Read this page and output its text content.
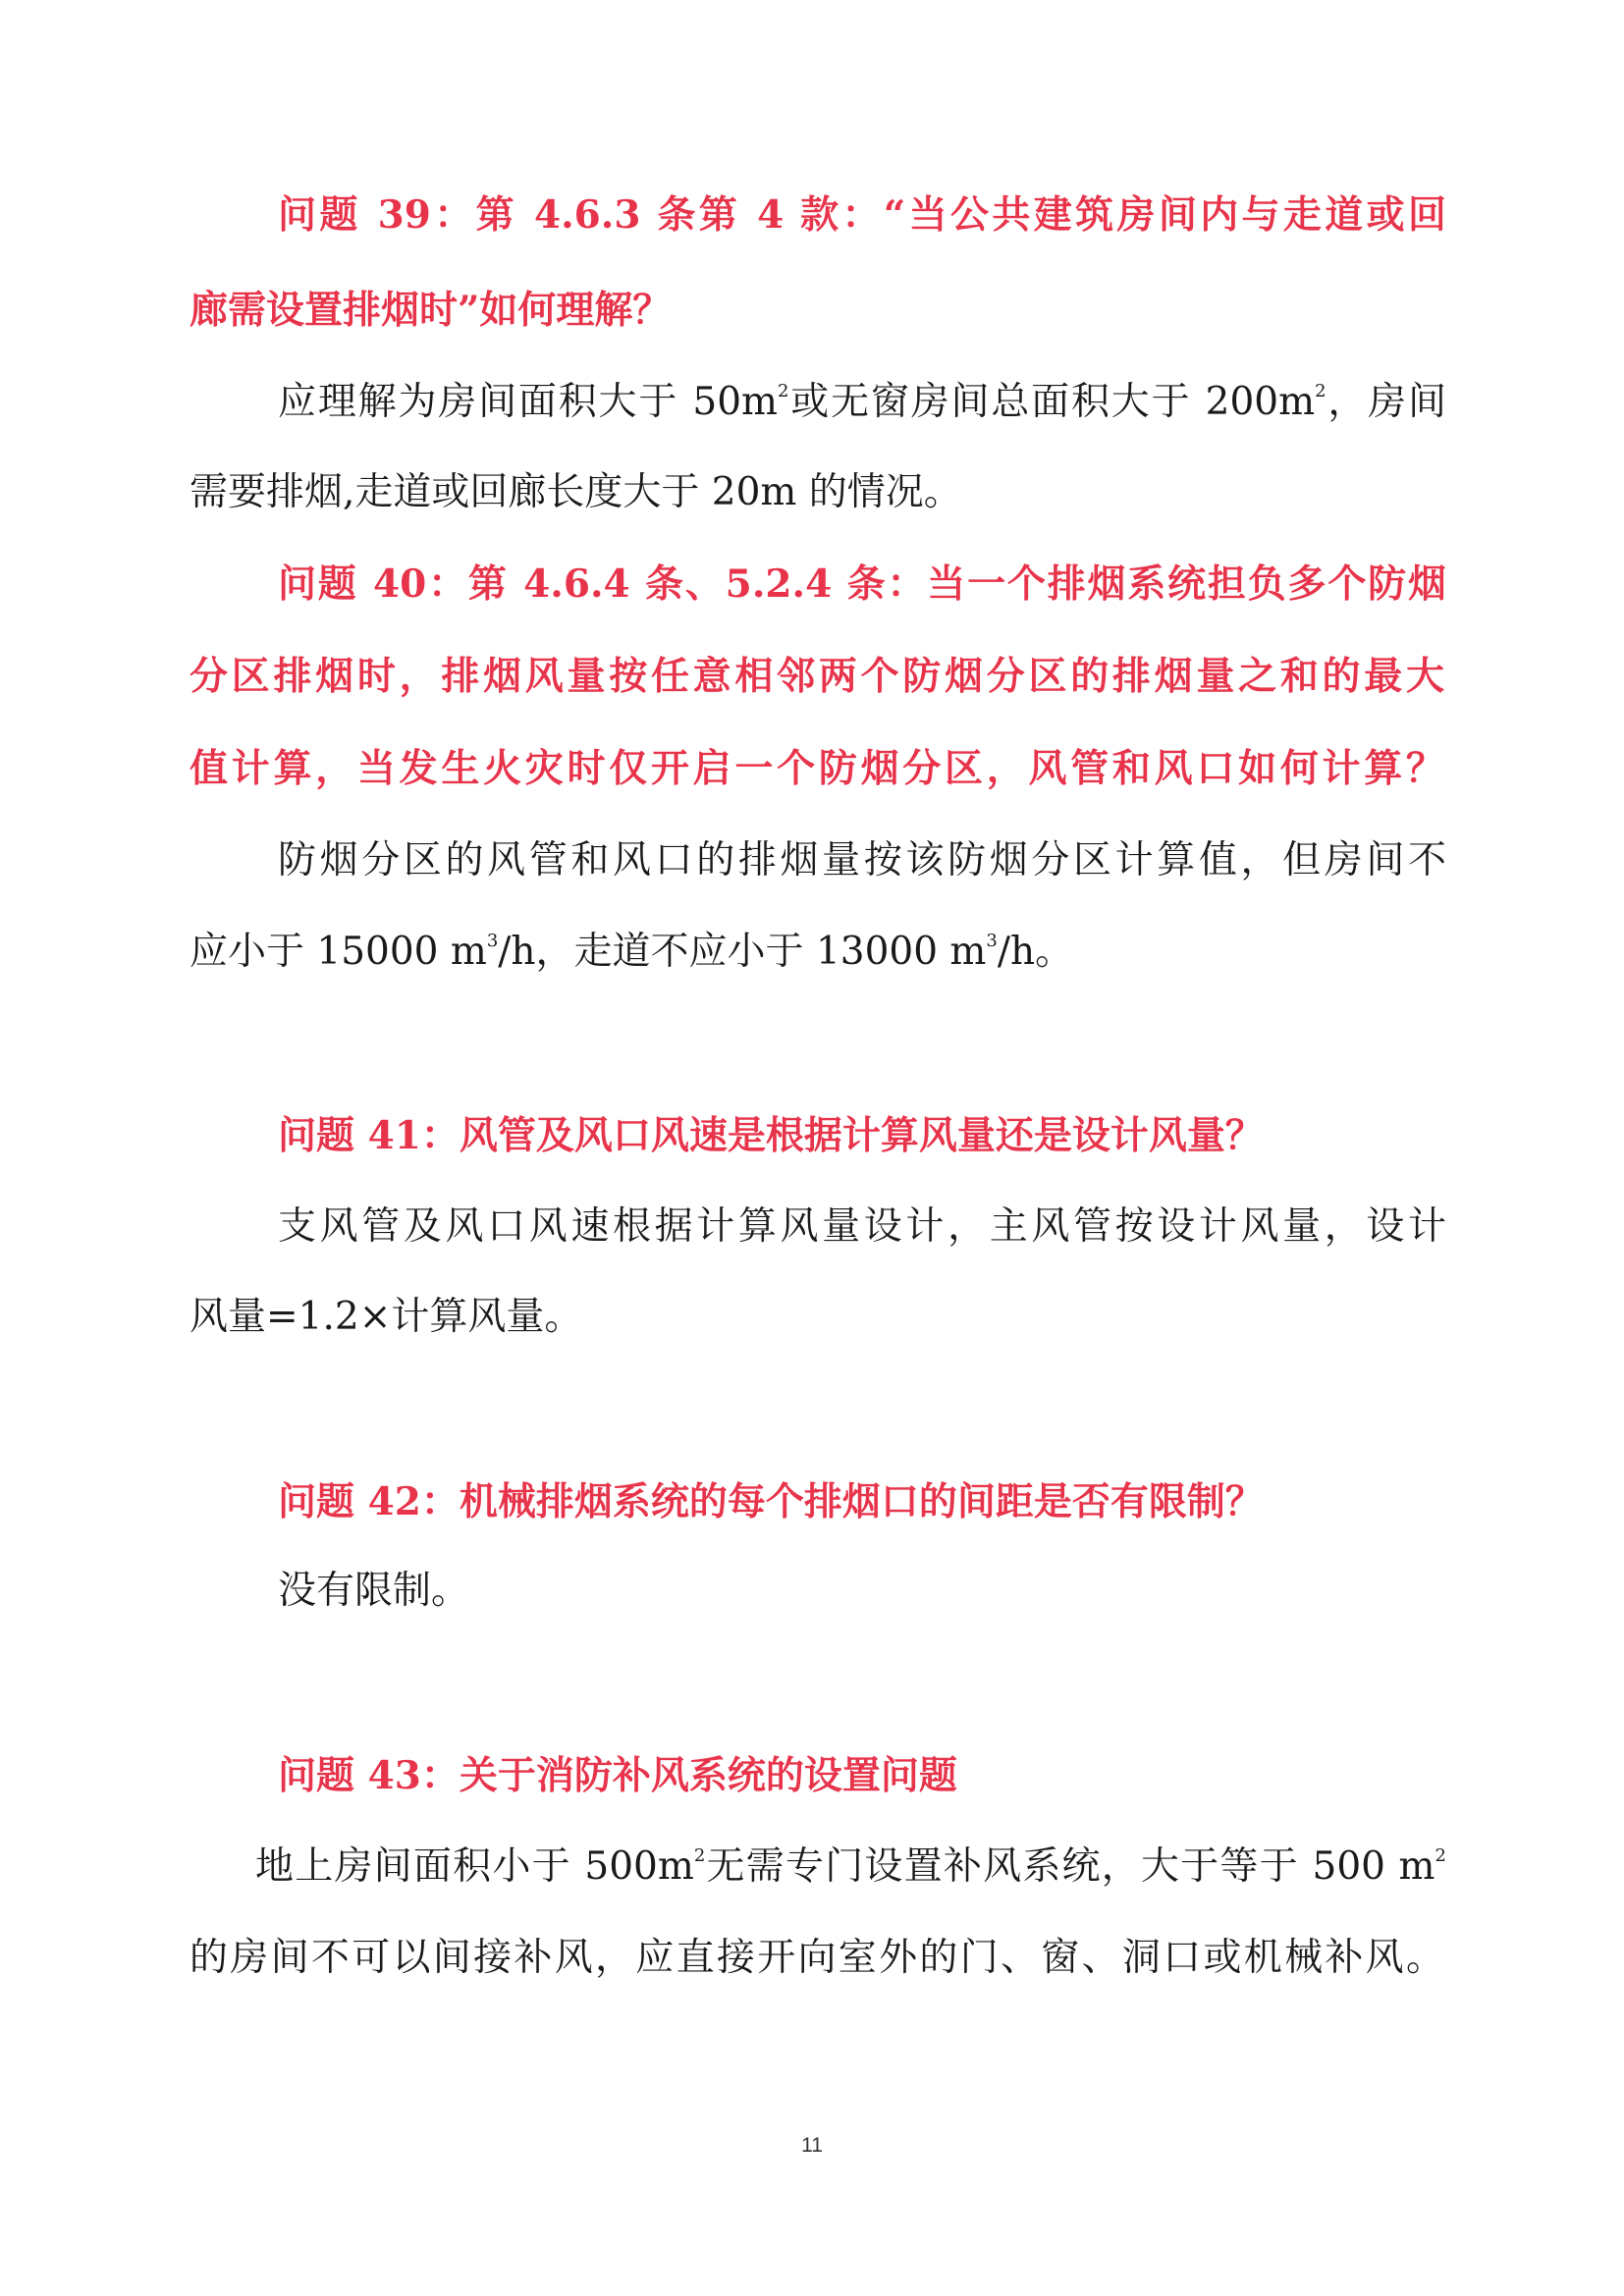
问题 39：第 4.6.3 条第 4 款：“当公共建筑房间内与走道或回
廊需设置排烟时”如何理解？
应理解为房间面积大于 $50m^2$或无窗房间总面积大于 $200m^2$，房间
需要排烟,走道或回廊长度大于 20m 的情况。
问题 40：第 4.6.4 条、5.2.4 条：当一个排烟系统担负多个防烟
分区排烟时，排烟风量按任意相邻两个防烟分区的排烟量之和的最大
值计算，当发生火灾时仅开启一个防烟分区，风管和风口如何计算？
防烟分区的风管和风口的排烟量按该防烟分区计算值，但房间不
应小于 15000 $m^3/h$，走道不应小于 13000 $m^3/h$。
问题 41：风管及风口风速是根据计算风量还是设计风量？
支风管及风口风速根据计算风量设计，主风管按设计风量，设计
风量=1.2×计算风量。
问题 42：机械排烟系统的每个排烟口的间距是否有限制？
没有限制。
问题 43：关于消防补风系统的设置问题
地上房间面积小于 $500m^2$无需专门设置补风系统，大于等于 500 $m^2$
的房间不可以间接补风，应直接开向室外的门、窗、洞口或机械补风。
11
